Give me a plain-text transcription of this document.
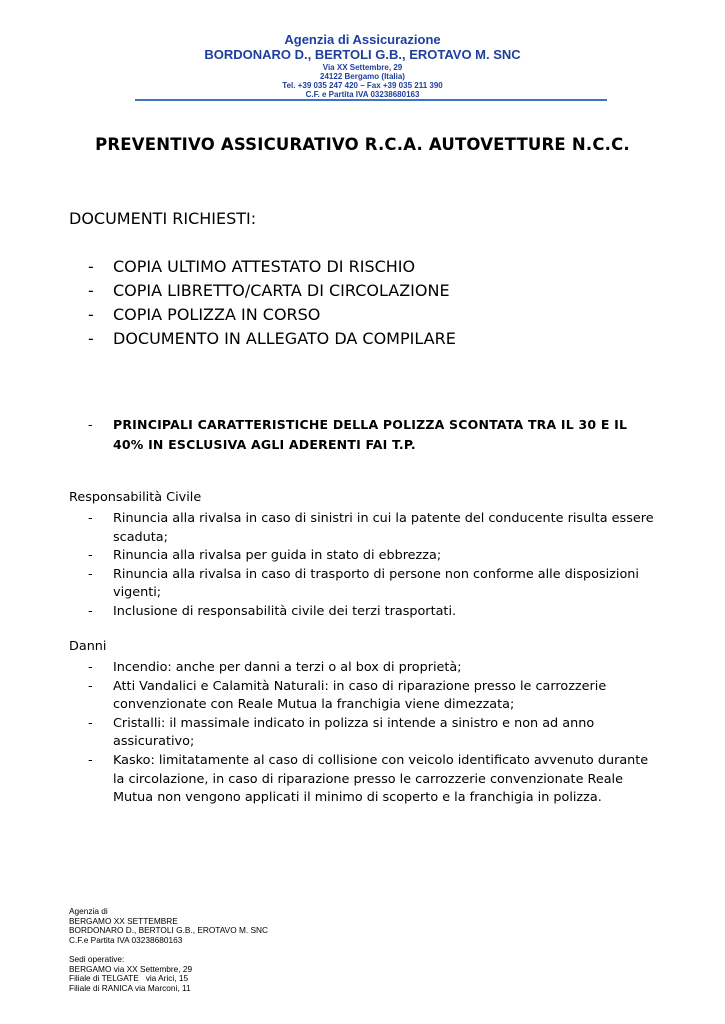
Agenzia di Assicurazione
BORDONARO D., BERTOLI G.B., EROTAVO M. SNC
Via XX Settembre, 29
24122 Bergamo (Italia)
Tel. +39 035 247 420 – Fax +39 035 211 390
C.F. e Partita IVA 03238680163
PREVENTIVO ASSICURATIVO R.C.A. AUTOVETTURE N.C.C.
DOCUMENTI RICHIESTI:
- COPIA ULTIMO ATTESTATO DI RISCHIO
- COPIA LIBRETTO/CARTA DI CIRCOLAZIONE
- COPIA POLIZZA IN CORSO
- DOCUMENTO IN ALLEGATO DA COMPILARE
- PRINCIPALI CARATTERISTICHE DELLA POLIZZA SCONTATA TRA IL 30 E IL
40% IN ESCLUSIVA AGLI ADERENTI FAI T.P.
Responsabilità Civile
- Rinuncia alla rivalsa in caso di sinistri in cui la patente del conducente risulta essere scaduta;
- Rinuncia alla rivalsa per guida in stato di ebbrezza;
- Rinuncia alla rivalsa in caso di trasporto di persone non conforme alle disposizioni vigenti;
- Inclusione di responsabilità civile dei terzi trasportati.
Danni
- Incendio: anche per danni a terzi o al box di proprietà;
- Atti Vandalici e Calamità Naturali: in caso di riparazione presso le carrozzerie convenzionate con Reale Mutua la franchigia viene dimezzata;
- Cristalli: il massimale indicato in polizza si intende a sinistro e non ad anno assicurativo;
- Kasko: limitatamente al caso di collisione con veicolo identificato avvenuto durante la circolazione, in caso di riparazione presso le carrozzerie convenzionate Reale Mutua non vengono applicati il minimo di scoperto e la franchigia in polizza.
Agenzia di
BERGAMO XX SETTEMBRE
BORDONARO D., BERTOLI G.B., EROTAVO M. SNC
C.F.e Partita IVA 03238680163
Sedi operative:
BERGAMO via XX Settembre, 29
Filiale di TELGATE   via Arici, 15
Filiale di RANICA via Marconi, 11
